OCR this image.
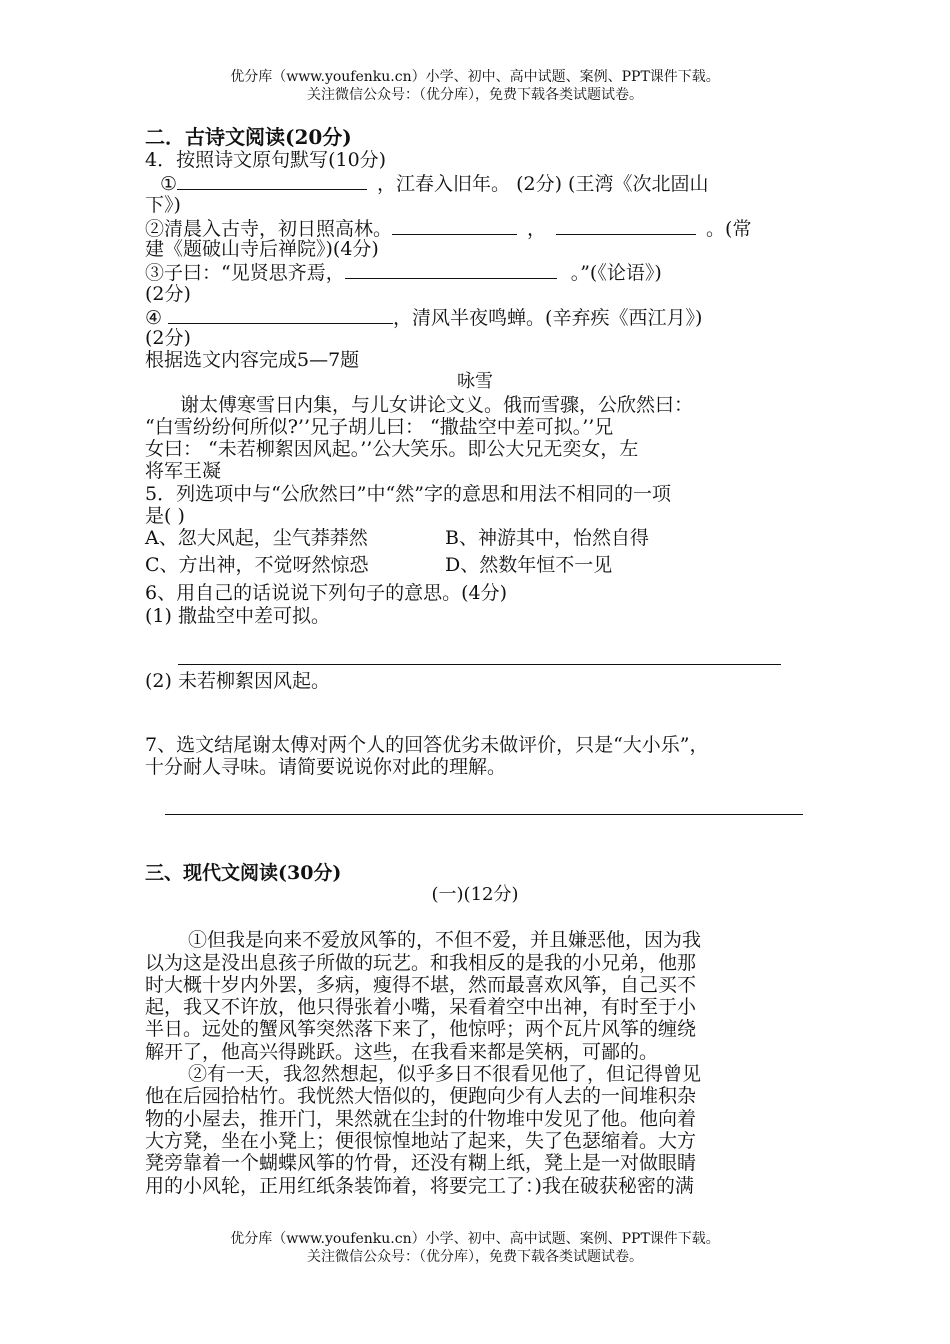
优分库（www.youfenku.cn）小学、初中、高中试题、案例、PPT课件下载。
关注微信公众号：（优分库），免费下载各类试题试卷。
二．古诗文阅读(20分)
4．按照诗文原句默写(10分)
①	，江春入旧年。 (2分) (王湾《次北固山
下》)
②清晨入古寺，初日照高林。	，	。(常
建《题破山寺后禅院》)(4分)
③子曰：“见贤思齐焉，	。”(《论语》)
(2分)
④	，清风半夜鸣蝉。(辛弃疾《西江月》)
(2分)
根据选文内容完成5—7题
咏雪
谢太傅寒雪日内集，与儿女讲论文义。俄而雪骤，公欣然曰：
“白雪纷纷何所似?’’兄子胡儿曰： “撒盐空中差可拟。’’兄
女曰： “未若柳絮因风起。’’公大笑乐。即公大兄无奕女，左
将军王凝
5．列选项中与“公欣然曰”中“然”字的意思和用法不相同的一项
是( )
A、忽大风起，尘气莽莽然	B、神游其中，怡然自得
C、方出神，不觉呀然惊恐	D、然数年恒不一见
6、用自己的话说说下列句子的意思。(4分)
(1) 撒盐空中差可拟。
(2) 未若柳絮因风起。
7、选文结尾谢太傅对两个人的回答优劣未做评价，只是“大小乐”，
十分耐人寻味。请简要说说你对此的理解。
三、现代文阅读(30分)
(一)(12分)
①但我是向来不爱放风筝的，不但不爱，并且嫌恶他，因为我
以为这是没出息孩子所做的玩艺。和我相反的是我的小兄弟，他那
时大概十岁内外罢，多病，瘦得不堪，然而最喜欢风筝，自己买不
起，我又不许放，他只得张着小嘴，呆看着空中出神，有时至于小
半日。远处的蟹风筝突然落下来了，他惊呼；两个瓦片风筝的缠绕
解开了，他高兴得跳跃。这些，在我看来都是笑柄，可鄙的。
②有一天，我忽然想起，似乎多日不很看见他了，但记得曾见
他在后园拾枯竹。我恍然大悟似的，便跑向少有人去的一间堆积杂
物的小屋去，推开门，果然就在尘封的什物堆中发见了他。他向着
大方凳，坐在小凳上；便很惊惶地站了起来，失了色瑟缩着。大方
凳旁靠着一个蝴蝶风筝的竹骨，还没有糊上纸，凳上是一对做眼睛
用的小风轮，正用红纸条装饰着，将要完工了：)我在破获秘密的满
优分库（www.youfenku.cn）小学、初中、高中试题、案例、PPT课件下载。
关注微信公众号：（优分库），免费下载各类试题试卷。
